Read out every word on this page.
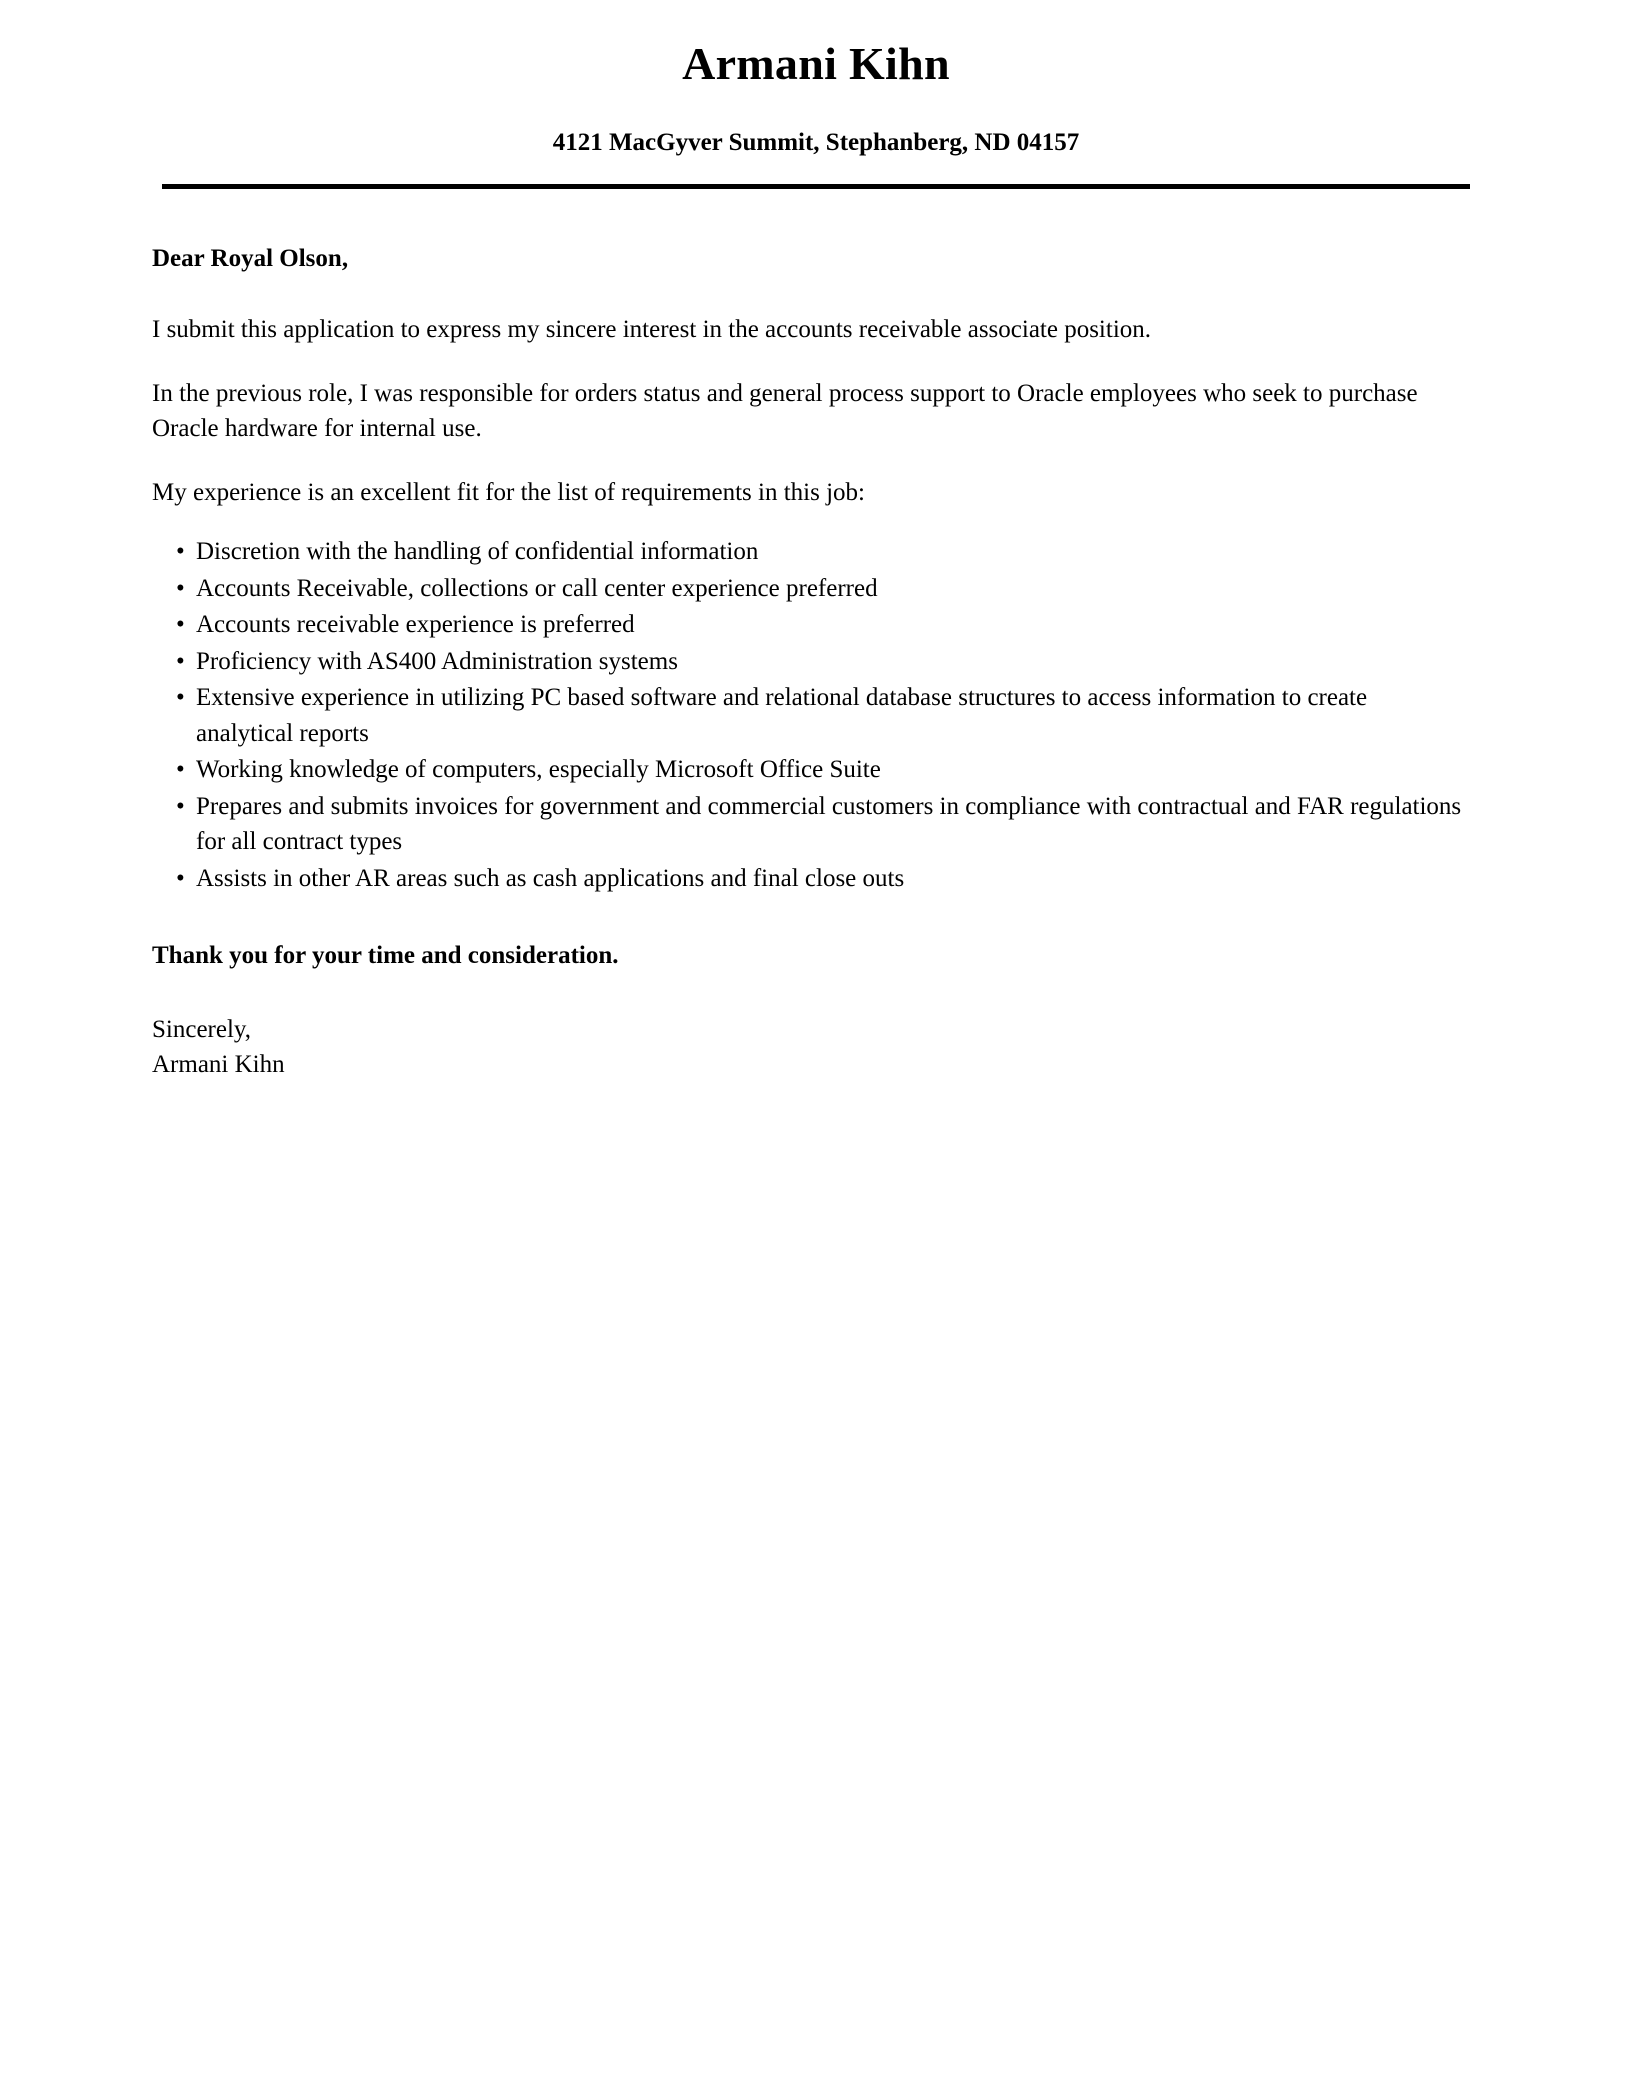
Armani Kihn
4121 MacGyver Summit, Stephanberg, ND 04157

Dear Royal Olson,

I submit this application to express my sincere interest in the accounts receivable associate position.

In the previous role, I was responsible for orders status and general process support to Oracle employees who seek to purchase Oracle hardware for internal use.

My experience is an excellent fit for the list of requirements in this job:

• Discretion with the handling of confidential information
• Accounts Receivable, collections or call center experience preferred
• Accounts receivable experience is preferred
• Proficiency with AS400 Administration systems
• Extensive experience in utilizing PC based software and relational database structures to access information to create analytical reports
• Working knowledge of computers, especially Microsoft Office Suite
• Prepares and submits invoices for government and commercial customers in compliance with contractual and FAR regulations for all contract types
• Assists in other AR areas such as cash applications and final close outs

Thank you for your time and consideration.

Sincerely,

Armani Kihn
